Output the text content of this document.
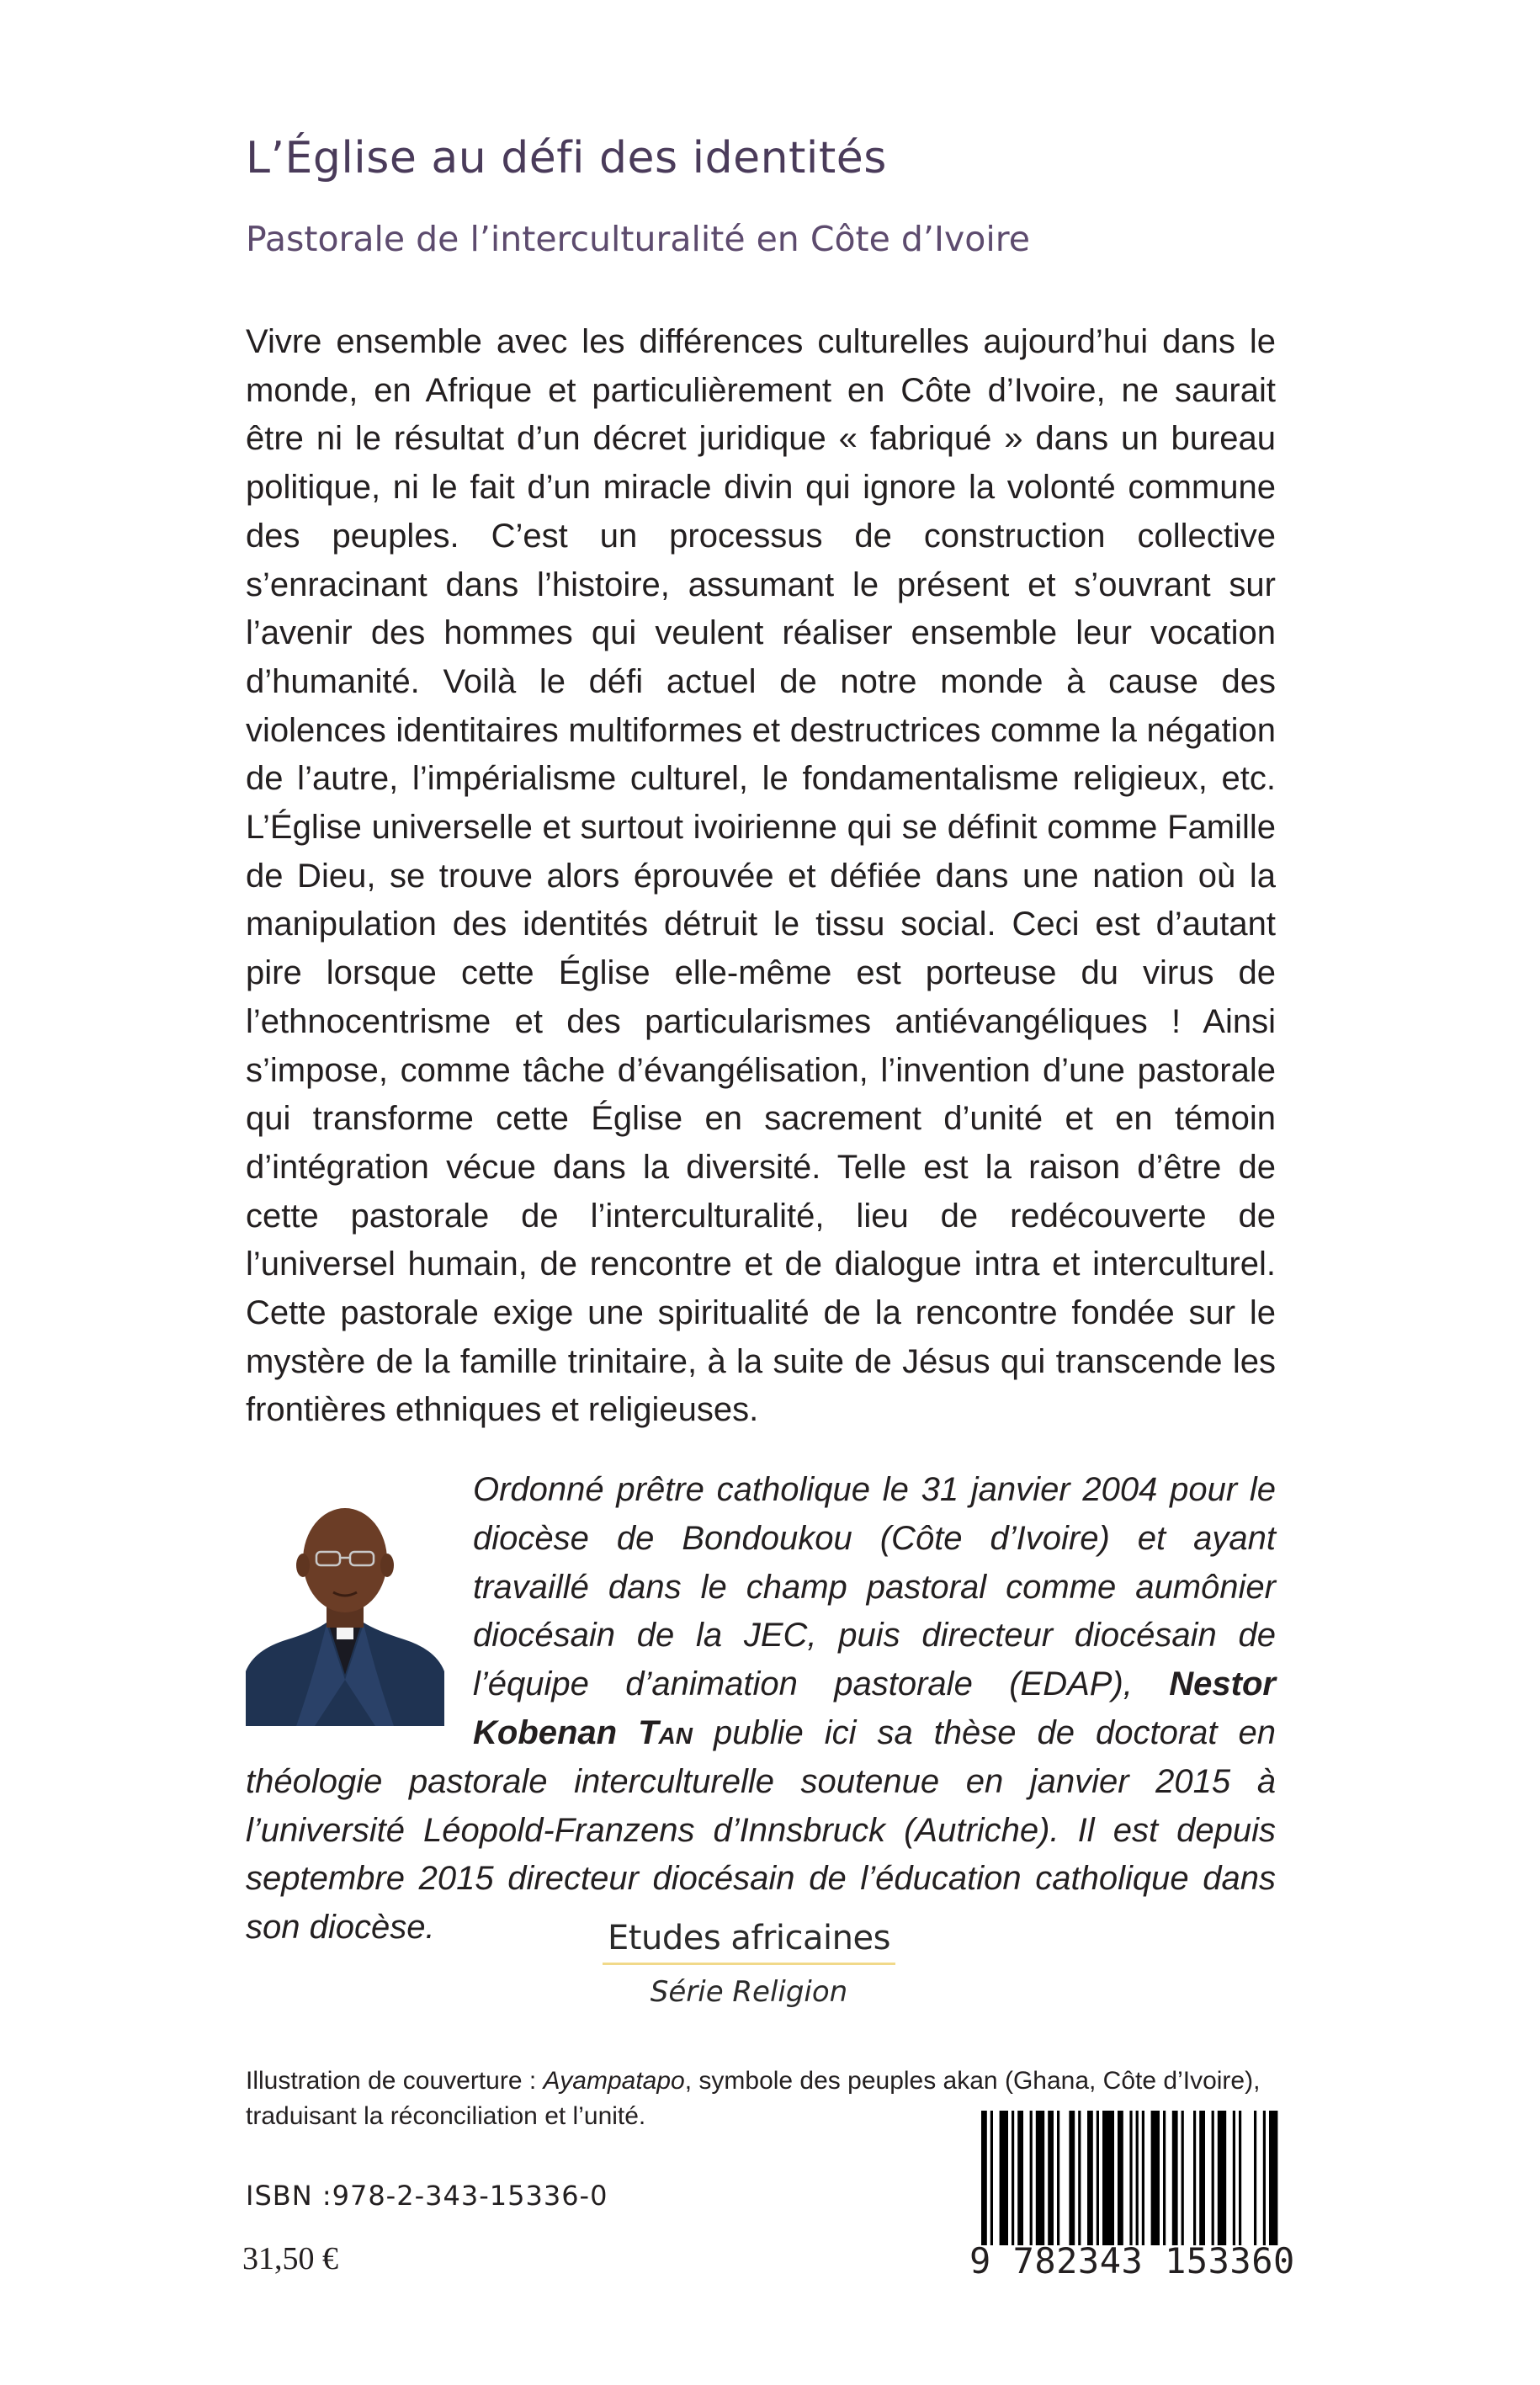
L’Église au défi des identités
Pastorale de l’interculturalité en Côte d’Ivoire

Vivre ensemble avec les différences culturelles aujourd’hui dans le monde, en Afrique et particulièrement en Côte d’Ivoire, ne saurait être ni le résultat d’un décret juridique « fabriqué » dans un bureau politique, ni le fait d’un miracle divin qui ignore la volonté commune des peuples. C’est un processus de construction collective s’enracinant dans l’histoire, assumant le présent et s’ouvrant sur l’avenir des hommes qui veulent réaliser ensemble leur vocation d’humanité. Voilà le défi actuel de notre monde à cause des violences identitaires multiformes et destructrices comme la négation de l’autre, l’impérialisme culturel, le fondamentalisme religieux, etc. L’Église universelle et surtout ivoirienne qui se définit comme Famille de Dieu, se trouve alors éprouvée et défiée dans une nation où la manipulation des identités détruit le tissu social. Ceci est d’autant pire lorsque cette Église elle-même est porteuse du virus de l’ethnocentrisme et des particularismes antiévangéliques ! Ainsi s’impose, comme tâche d’évangélisation, l’invention d’une pastorale qui transforme cette Église en sacrement d’unité et en témoin d’intégration vécue dans la diversité. Telle est la raison d’être de cette pastorale de l’interculturalité, lieu de redécouverte de l’universel humain, de rencontre et de dialogue intra et interculturel. Cette pastorale exige une spiritualité de la rencontre fondée sur le mystère de la famille trinitaire, à la suite de Jésus qui transcende les frontières ethniques et religieuses.

Ordonné prêtre catholique le 31 janvier 2004 pour le diocèse de Bondoukou (Côte d’Ivoire) et ayant travaillé dans le champ pastoral comme aumônier diocésain de la JEC, puis directeur diocésain de l’équipe d’animation pastorale (EDAP), Nestor Kobenan Tan publie ici sa thèse de doctorat en théologie pastorale interculturelle soutenue en janvier 2015 à l’université Léopold-Franzens d’Innsbruck (Autriche). Il est depuis septembre 2015 directeur diocésain de l’éducation catholique dans son diocèse.	Etudes africaines
Série Religion

Illustration de couverture : Ayampatapo, symbole des peuples akan (Ghana, Côte d’Ivoire), traduisant la réconciliation et l’unité.

ISBN :978-2-343-15336-0
31,50 €	9 782343 153360
